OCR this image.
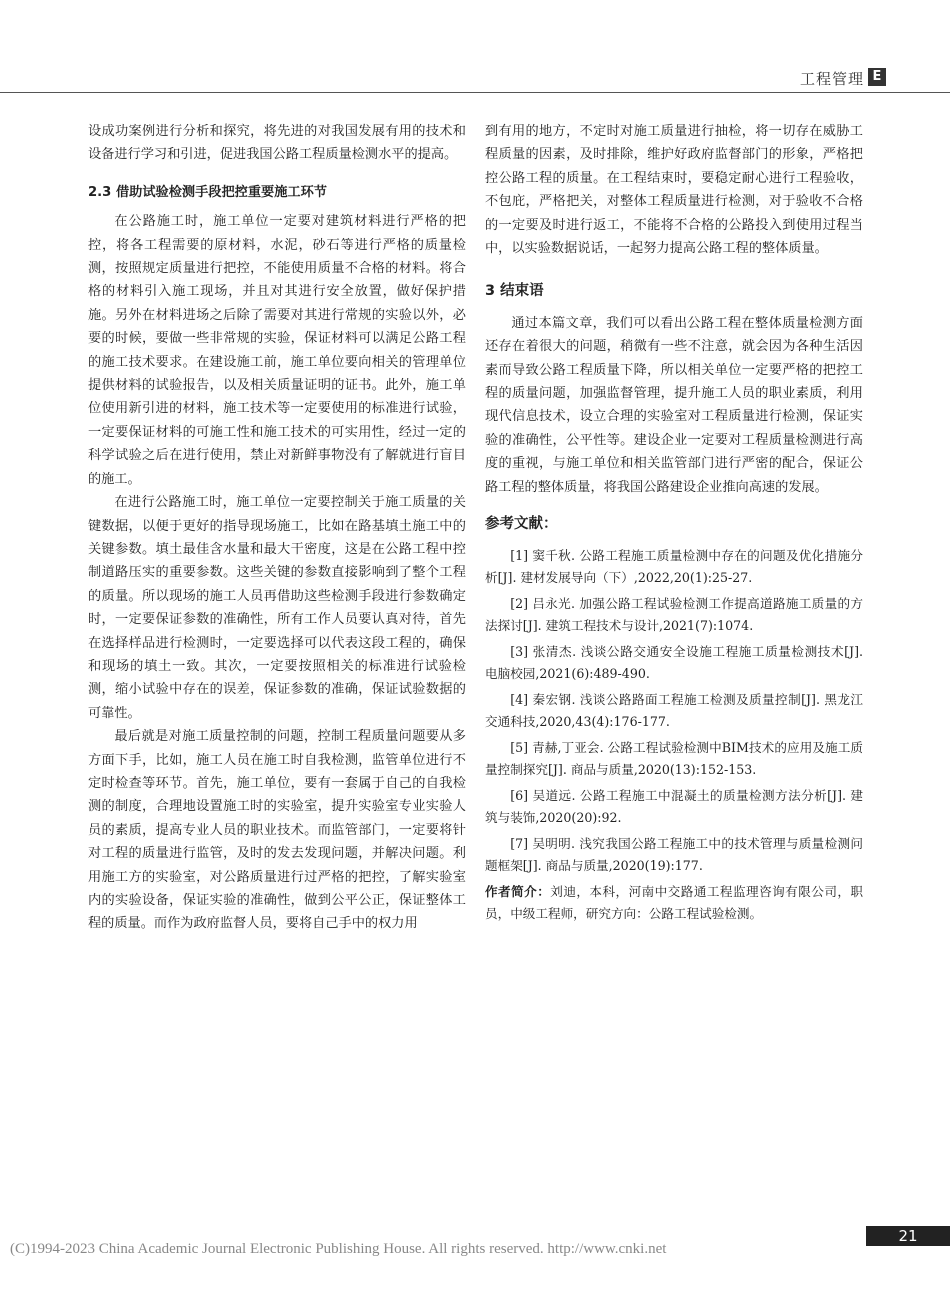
工程管理 E

设成功案例进行分析和探究，将先进的对我国发展有用的技术和设备进行学习和引进，促进我国公路工程质量检测水平的提高。

2.3 借助试验检测手段把控重要施工环节

在公路施工时，施工单位一定要对建筑材料进行严格的把控，将各工程需要的原材料，水泥，砂石等进行严格的质量检测，按照规定质量进行把控，不能使用质量不合格的材料。将合格的材料引入施工现场，并且对其进行安全放置，做好保护措施。另外在材料进场之后除了需要对其进行常规的实验以外，必要的时候，要做一些非常规的实验，保证材料可以满足公路工程的施工技术要求。在建设施工前，施工单位要向相关的管理单位提供材料的试验报告，以及相关质量证明的证书。此外，施工单位使用新引进的材料，施工技术等一定要使用的标准进行试验，一定要保证材料的可施工性和施工技术的可实用性，经过一定的科学试验之后在进行使用，禁止对新鲜事物没有了解就进行盲目的施工。

在进行公路施工时，施工单位一定要控制关于施工质量的关键数据，以便于更好的指导现场施工，比如在路基填土施工中的关键参数。填土最佳含水量和最大干密度，这是在公路工程中控制道路压实的重要参数。这些关键的参数直接影响到了整个工程的质量。所以现场的施工人员再借助这些检测手段进行参数确定时，一定要保证参数的准确性，所有工作人员要认真对待，首先在选择样品进行检测时，一定要选择可以代表这段工程的，确保和现场的填土一致。其次，一定要按照相关的标准进行试验检测，缩小试验中存在的误差，保证参数的准确，保证试验数据的可靠性。

最后就是对施工质量控制的问题，控制工程质量问题要从多方面下手，比如，施工人员在施工时自我检测，监管单位进行不定时检查等环节。首先，施工单位，要有一套属于自己的自我检测的制度，合理地设置施工时的实验室，提升实验室专业实验人员的素质，提高专业人员的职业技术。而监管部门，一定要将针对工程的质量进行监管，及时的发去发现问题，并解决问题。利用施工方的实验室，对公路质量进行过严格的把控，了解实验室内的实验设备，保证实验的准确性，做到公平公正，保证整体工程的质量。而作为政府监督人员，要将自己手中的权力用

到有用的地方，不定时对施工质量进行抽检，将一切存在威胁工程质量的因素，及时排除，维护好政府监督部门的形象，严格把控公路工程的质量。在工程结束时，要稳定耐心进行工程验收，不包庇，严格把关，对整体工程质量进行检测，对于验收不合格的一定要及时进行返工，不能将不合格的公路投入到使用过程当中，以实验数据说话，一起努力提高公路工程的整体质量。

3 结束语

通过本篇文章，我们可以看出公路工程在整体质量检测方面还存在着很大的问题，稍微有一些不注意，就会因为各种生活因素而导致公路工程质量下降，所以相关单位一定要严格的把控工程的质量问题，加强监督管理，提升施工人员的职业素质，利用现代信息技术，设立合理的实验室对工程质量进行检测，保证实验的准确性，公平性等。建设企业一定要对工程质量检测进行高度的重视，与施工单位和相关监管部门进行严密的配合，保证公路工程的整体质量，将我国公路建设企业推向高速的发展。

参考文献：

[1] 窦千秋. 公路工程施工质量检测中存在的问题及优化措施分析[J]. 建材发展导向（下）,2022,20(1):25-27.

[2] 吕永光. 加强公路工程试验检测工作提高道路施工质量的方法探讨[J]. 建筑工程技术与设计,2021(7):1074.

[3] 张清杰. 浅谈公路交通安全设施工程施工质量检测技术[J]. 电脑校园,2021(6):489-490.

[4] 秦宏钢. 浅谈公路路面工程施工检测及质量控制[J]. 黑龙江交通科技,2020,43(4):176-177.

[5] 青赫,丁亚会. 公路工程试验检测中BIM技术的应用及施工质量控制探究[J]. 商品与质量,2020(13):152-153.

[6] 吴道远. 公路工程施工中混凝土的质量检测方法分析[J]. 建筑与装饰,2020(20):92.

[7] 吴明明. 浅究我国公路工程施工中的技术管理与质量检测问题框架[J]. 商品与质量,2020(19):177.

作者简介：刘迪，本科，河南中交路通工程监理咨询有限公司，职员，中级工程师，研究方向：公路工程试验检测。

21
(C)1994-2023 China Academic Journal Electronic Publishing House. All rights reserved. http://www.cnki.net
